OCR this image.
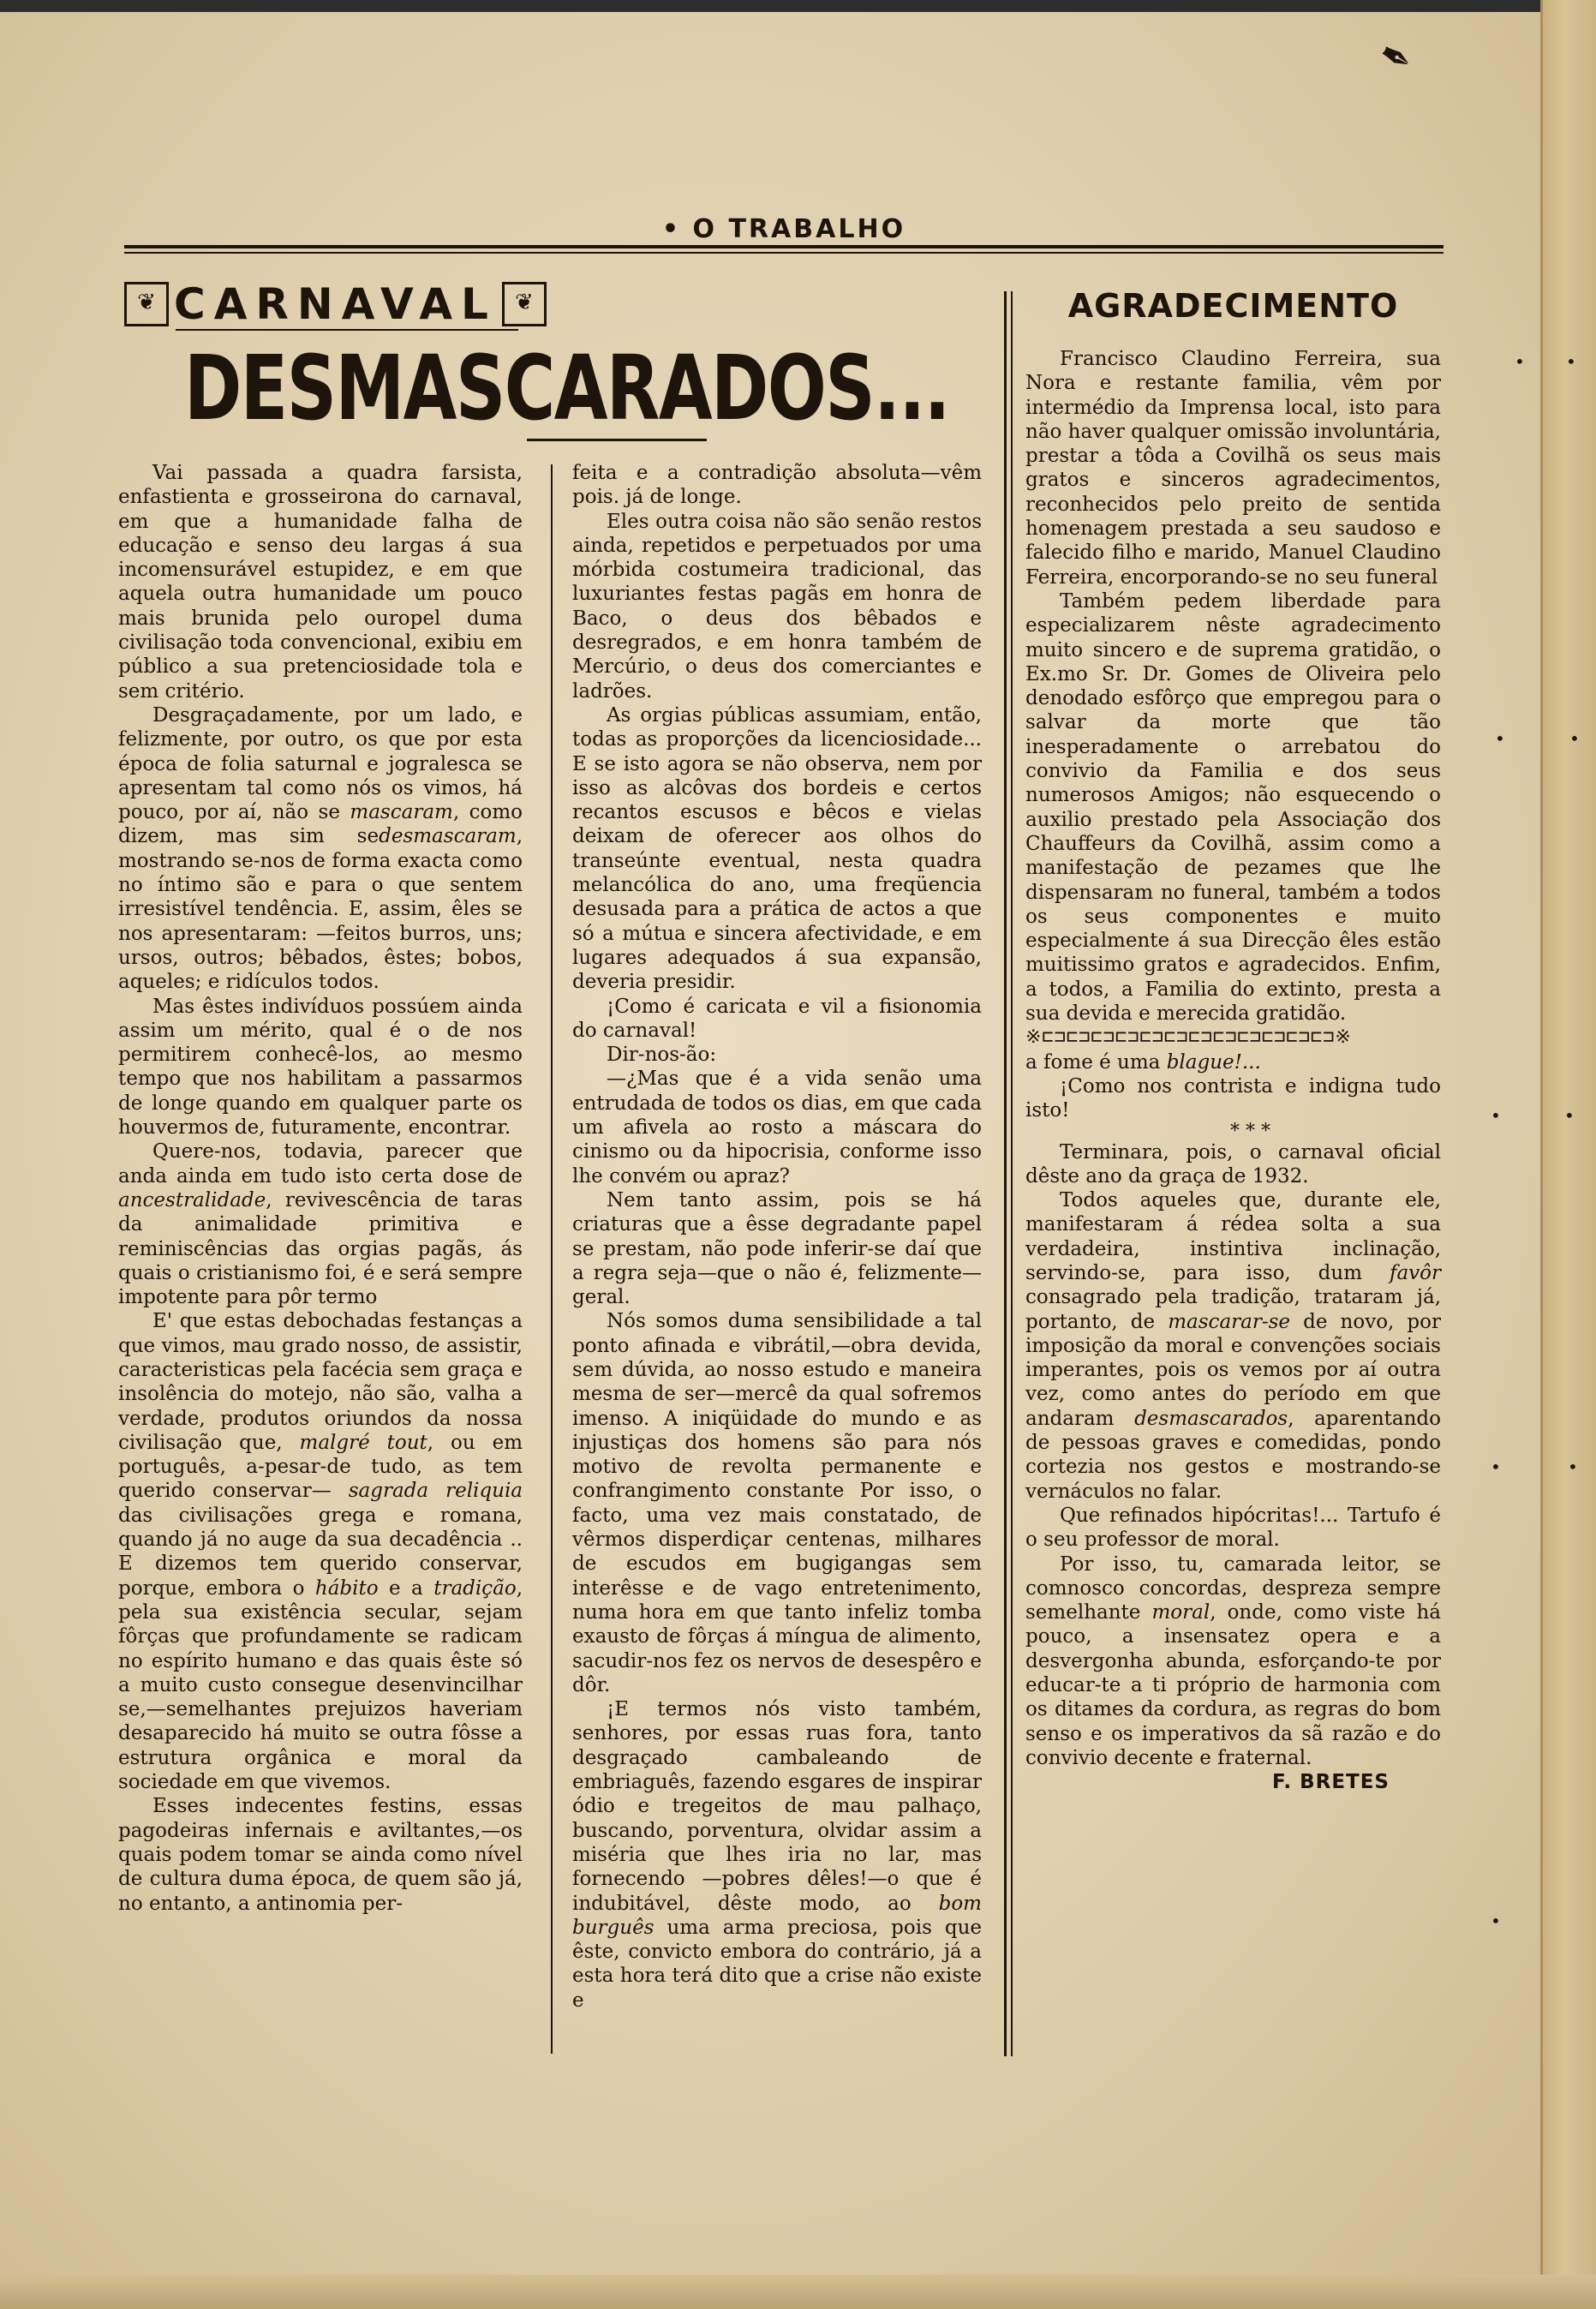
✒
• O TRABALHO
❦ CARNAVAL ❦
DESMASCARADOS...

Vai passada a quadra farsista, enfastienta e grosseirona do carnaval, em que a humanidade falha de educação e senso deu largas á sua incomensurável estupidez, e em que aquela outra humanidade um pouco mais brunida pelo ouropel duma civilisação toda convencional, exibiu em público a sua pretenciosidade tola e sem critério.

Desgraçadamente, por um lado, e felizmente, por outro, os que por esta época de folia saturnal e jogralesca se apresentam tal como nós os vimos, há pouco, por aí, não se mascaram, como dizem, mas sim sedesmascaram, mostrando se-nos de forma exacta como no íntimo são e para o que sentem irresistível tendência. E, assim, êles se nos apresentaram: —feitos burros, uns; ursos, outros; bêbados, êstes; bobos, aqueles; e ridículos todos.

Mas êstes indivíduos possúem ainda assim um mérito, qual é o de nos permitirem conhecê-los, ao mesmo tempo que nos habilitam a passarmos de longe quando em qualquer parte os houvermos de, futuramente, encontrar.

Quere-nos, todavia, parecer que anda ainda em tudo isto certa dose de ancestralidade, revivescência de taras da animalidade primitiva e reminiscências das orgias pagãs, ás quais o cristianismo foi, é e será sempre impotente para pôr termo

E' que estas debochadas festanças a que vimos, mau grado nosso, de assistir, caracteristicas pela facécia sem graça e insolência do motejo, não são, valha a verdade, produtos oriundos da nossa civilisação que, malgré tout, ou em português, a-pesar-de tudo, as tem querido conservar— sagrada reliquia das civilisações grega e romana, quando já no auge da sua decadência .. E dizemos tem querido conservar, porque, embora o hábito e a tradição, pela sua existência secular, sejam fôrças que profundamente se radicam no espírito humano e das quais êste só a muito custo consegue desenvincilhar se,—semelhantes prejuizos haveriam desaparecido há muito se outra fôsse a estrutura orgânica e moral da sociedade em que vivemos.

Esses indecentes festins, essas pagodeiras infernais e aviltantes,—os quais podem tomar se ainda como nível de cultura duma época, de quem são já, no entanto, a antinomia per-

feita e a contradição absoluta—vêm pois. já de longe.

Eles outra coisa não são senão restos ainda, repetidos e perpetuados por uma mórbida costumeira tradicional, das luxuriantes festas pagãs em honra de Baco, o deus dos bêbados e desregrados, e em honra também de Mercúrio, o deus dos comerciantes e ladrões.

As orgias públicas assumiam, então, todas as proporções da licenciosidade... E se isto agora se não observa, nem por isso as alcôvas dos bordeis e certos recantos escusos e bêcos e vielas deixam de oferecer aos olhos do transeúnte eventual, nesta quadra melancólica do ano, uma freqüencia desusada para a prática de actos a que só a mútua e sincera afectividade, e em lugares adequados á sua expansão, deveria presidir.

¡Como é caricata e vil a fisionomia do carnaval!

Dir-nos-ão:

—¿Mas que é a vida senão uma entrudada de todos os dias, em que cada um afivela ao rosto a máscara do cinismo ou da hipocrisia, conforme isso lhe convém ou apraz?

Nem tanto assim, pois se há criaturas que a êsse degradante papel se prestam, não pode inferir-se daí que a regra seja—que o não é, felizmente—geral.

Nós somos duma sensibilidade a tal ponto afinada e vibrátil,—obra devida, sem dúvida, ao nosso estudo e maneira mesma de ser—mercê da qual sofremos imenso. A iniqüidade do mundo e as injustiças dos homens são para nós motivo de revolta permanente e confrangimento constante Por isso, o facto, uma vez mais constatado, de vêrmos disperdiçar centenas, milhares de escudos em bugigangas sem interêsse e de vago entretenimento, numa hora em que tanto infeliz tomba exausto de fôrças á míngua de alimento, sacudir-nos fez os nervos de desespêro e dôr.

¡E termos nós visto também, senhores, por essas ruas fora, tanto desgraçado cambaleando de embriaguês, fazendo esgares de inspirar ódio e tregeitos de mau palhaço, buscando, porventura, olvidar assim a miséria que lhes iria no lar, mas fornecendo —pobres dêles!—o que é indubitável, dêste modo, ao bom burguês uma arma preciosa, pois que êste, convicto embora do contrário, já a esta hora terá dito que a crise não existe e

AGRADECIMENTO

Francisco Claudino Ferreira, sua Nora e restante familia, vêm por intermédio da Imprensa local, isto para não haver qualquer omissão involuntária, prestar a tôda a Covilhã os seus mais gratos e sinceros agradecimentos, reconhecidos pelo preito de sentida homenagem prestada a seu saudoso e falecido filho e marido, Manuel Claudino Ferreira, encorporando-se no seu funeral

Também pedem liberdade para especializarem nêste agradecimento muito sincero e de suprema gratidão, o Ex.mo Sr. Dr. Gomes de Oliveira pelo denodado esfôrço que empregou para o salvar da morte que tão inesperadamente o arrebatou do convivio da Familia e dos seus numerosos Amigos; não esquecendo o auxilio prestado pela Associação dos Chauffeurs da Covilhã, assim como a manifestação de pezames que lhe dispensaram no funeral, também a todos os seus componentes e muito especialmente á sua Direcção êles estão muitissimo gratos e agradecidos. Enfim, a todos, a Familia do extinto, presta a sua devida e merecida gratidão.

※⊏⊐⊏⊐⊏⊐⊏⊐⊏⊐⊏⊐⊏⊐⊏⊐⊏⊐⊏⊐⊏⊐⊏⊐※

a fome é uma blague!...

¡Como nos contrista e indigna tudo isto!

* * *

Terminara, pois, o carnaval oficial dêste ano da graça de 1932.

Todos aqueles que, durante ele, manifestaram á rédea solta a sua verdadeira, instintiva inclinação, servindo-se, para isso, dum favôr consagrado pela tradição, trataram já, portanto, de mascarar-se de novo, por imposição da moral e convenções sociais imperantes, pois os vemos por aí outra vez, como antes do período em que andaram desmascarados, aparentando de pessoas graves e comedidas, pondo cortezia nos gestos e mostrando-se vernáculos no falar.

Que refinados hipócritas!... Tartufo é o seu professor de moral.

Por isso, tu, camarada leitor, se comnosco concordas, despreza sempre semelhante moral, onde, como viste há pouco, a insensatez opera e a desvergonha abunda, esforçando-te por educar-te a ti próprio de harmonia com os ditames da cordura, as regras do bom senso e os imperativos da sã razão e do convivio decente e fraternal.

F. BRETES

• •
•	•
•	•
•	•
•
